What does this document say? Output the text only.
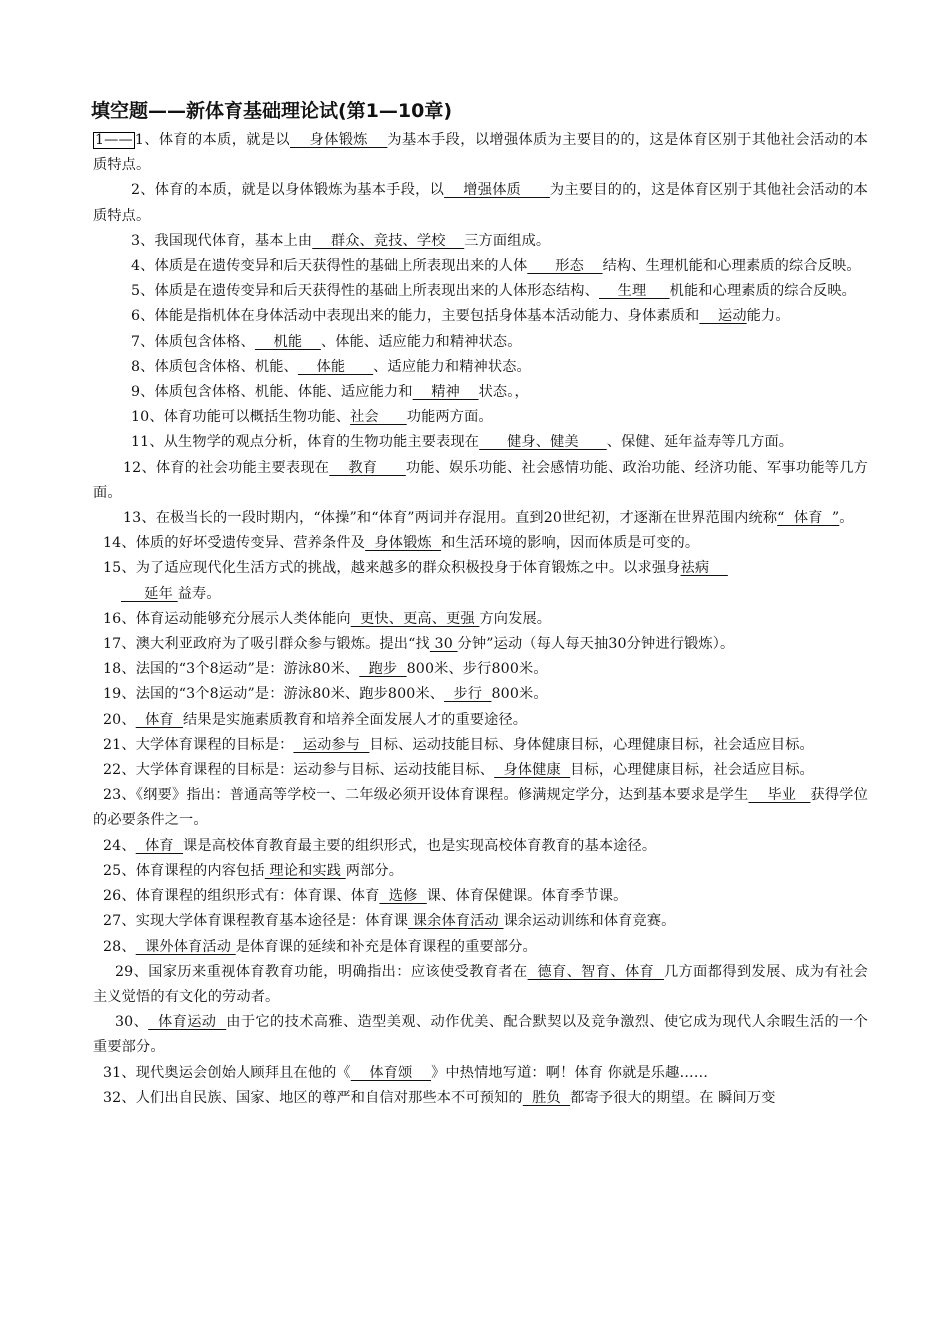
填空题——新体育基础理论试(第1—10章)

1—— 1、体育的本质，就是以    身体锻炼    为基本手段，以增强体质为主要目的的，这是体育区别于其他社会活动的本质特点。

2、体育的本质，就是以身体锻炼为基本手段，以    增强体质      为主要目的的，这是体育区别于其他社会活动的本质特点。

3、我国现代体育，基本上由    群众、竞技、学校    三方面组成。

4、体质是在遗传变异和后天获得性的基础上所表现出来的人体      形态    结构、生理机能和心理素质的综合反映。

5、体质是在遗传变异和后天获得性的基础上所表现出来的人体形态结构、    生理     机能和心理素质的综合反映。

6、体能是指机体在身体活动中表现出来的能力，主要包括身体基本活动能力、身体素质和    运动能力。

7、体质包含体格、    机能    、体能、适应能力和精神状态。

8、体质包含体格、机能、    体能      、适应能力和精神状态。

9、体质包含体格、机能、体能、适应能力和    精神    状态。，

10、体育功能可以概括生物功能、社会      功能两方面。

11、从生物学的观点分析，体育的生物功能主要表现在      健身、健美      、保健、延年益寿等几方面。

12、体育的社会功能主要表现在    教育      功能、娱乐功能、社会感情功能、政治功能、经济功能、军事功能等几方面。

13、在极当长的一段时期内，“体操”和“体育”两词并存混用。直到20世纪初，才逐渐在世界范围内统称“  体育  ”。

14、体质的好坏受遗传变异、营养条件及  身体锻炼  和生活环境的影响，因而体质是可变的。

15、为了适应现代化生活方式的挑战，越来越多的群众积极投身于体育锻炼之中。以求强身祛病
延年 益寿。

16、体育运动能够充分展示人类体能向  更快、更高、更强 方向发展。

17、澳大利亚政府为了吸引群众参与锻炼。提出“找 30 分钟”运动（每人每天抽30分钟进行锻炼）。

18、法国的“3个8运动”是：游泳80米、  跑步  800米、步行800米。

19、法国的“3个8运动”是：游泳80米、跑步800米、  步行  800米。

20、  体育  结果是实施素质教育和培养全面发展人才的重要途径。

21、大学体育课程的目标是：  运动参与  目标、运动技能目标、身体健康目标，心理健康目标，社会适应目标。

22、大学体育课程的目标是：运动参与目标、运动技能目标、  身体健康  目标，心理健康目标，社会适应目标。

23、《纲要》指出：普通高等学校一、二年级必须开设体育课程。修满规定学分，达到基本要求是学生    毕业   获得学位的必要条件之一。

24、  体育  课是高校体育教育最主要的组织形式，也是实现高校体育教育的基本途径。

25、体育课程的内容包括 理论和实践 两部分。

26、体育课程的组织形式有：体育课、体育  选修  课、体育保健课。体育季节课。

27、实现大学体育课程教育基本途径是：体育课 课余体育活动 课余运动训练和体育竞赛。

28、  课外体育活动 是体育课的延续和补充是体育课程的重要部分。

29、国家历来重视体育教育功能，明确指出：应该使受教育者在  德育、智育、体育  几方面都得到发展、成为有社会主义觉悟的有文化的劳动者。

30、  体育运动  由于它的技术高雅、造型美观、动作优美、配合默契以及竞争激烈、使它成为现代人余暇生活的一个重要部分。

31、现代奥运会创始人顾拜且在他的《    体育颂    》中热情地写道：啊！体育 你就是乐趣……

32、人们出自民族、国家、地区的尊严和自信对那些本不可预知的  胜负  都寄予很大的期望。在 瞬间万变
